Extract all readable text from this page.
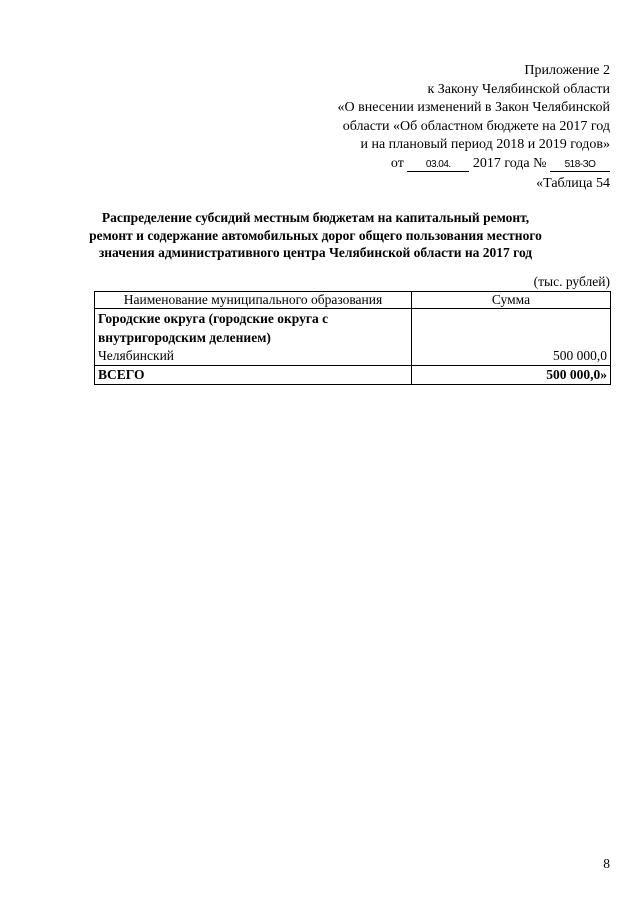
Приложение 2
к Закону Челябинской области
«О внесении изменений в Закон Челябинской
области «Об областном бюджете на 2017 год
и на плановый период 2018 и 2019 годов»
от 03.04. 2017 года № 518-ЗО
«Таблица 54
Распределение субсидий местным бюджетам на капитальный ремонт, ремонт и содержание автомобильных дорог общего пользования местного значения административного центра Челябинской области на 2017 год
(тыс. рублей)
Наименование муниципального образования	Сумма
Городские округа (городские округа с внутригородским делением)	
Челябинский	500 000,0
ВСЕГО	500 000,0»
8
